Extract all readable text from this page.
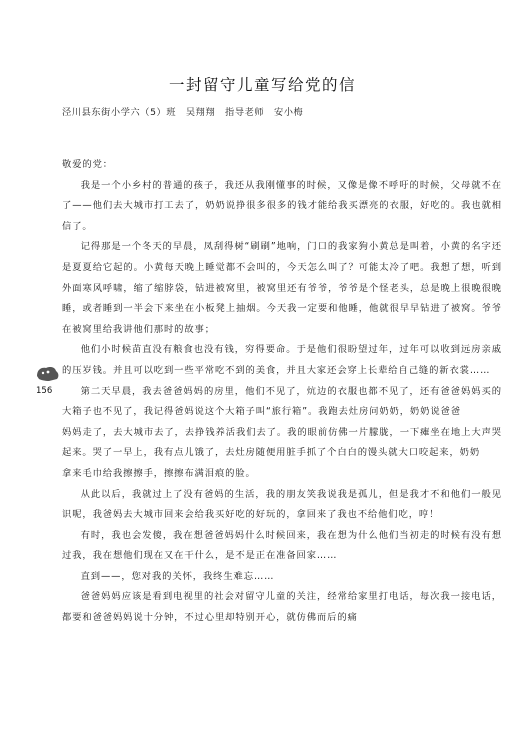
一封留守儿童写给党的信
泾川县东街小学六（5）班　吴翔翔　指导老师　安小梅

敬爱的党：

我是一个小乡村的普通的孩子，我还从我刚懂事的时候，又像是像不呼吁的时候，父母就不在了——他们去大城市打工去了，奶奶说挣很多很多的钱才能给我买漂亮的衣服，好吃的。我也就相信了。

记得那是一个冬天的早晨，凤刮得树“刷刷”地响，门口的我家狗小黄总是叫着，小黄的名字还是夏夏给它起的。小黄每天晚上睡觉都不会叫的，今天怎么叫了？可能太冷了吧。我想了想，听到外面寒风呼啸，缩了缩脖袋，钻进被窝里，被窝里还有爷爷，爷爷是个怪老头，总是晚上很晚很晚睡，或者睡到一半会下来坐在小板凳上抽烟。今天我一定要和他睡，他就很早早钻进了被窝。爷爷在被窝里给我讲他们那时的故事；

他们小时候苗直没有粮食也没有钱，穷得要命。于是他们很盼望过年，过年可以收到远房亲戚的压岁钱。并且可以吃到一些平常吃不到的美食，并且大家还会穿上长辈给自己缝的新衣裳……

第二天早晨，我去爸爸妈妈的房里，他们不见了，炕边的衣服也都不见了，还有爸爸妈妈买的大箱子也不见了，我记得爸妈说这个大箱子叫“旅行箱”。我跑去灶房问奶奶，奶奶说爸爸

妈妈走了，去大城市去了，去挣钱养活我们去了。我的眼前仿佛一片朦胧，一下瘫坐在地上大声哭起来。哭了一早上，我有点儿饿了，去灶房随便用脏手抓了个白白的馒头就大口咬起来，奶奶

拿来毛巾给我擦擦手，擦擦布满泪痕的脸。

从此以后，我就过上了没有爸妈的生活，我的朋友笑我说我是孤儿，但是我才不和他们一般见识呢，我爸妈去大城市回来会给我买好吃的好玩的，拿回来了我也不给他们吃，哼！

有时，我也会发傻，我在想爸爸妈妈什么时候回来，我在想为什么他们当初走的时候有没有想过我，我在想他们现在又在干什么，是不是正在准备回家……

直到——，您对我的关怀，我终生难忘……

爸爸妈妈应该是看到电视里的社会对留守儿童的关注，经常给家里打电话，每次我一接电话，都要和爸爸妈妈说十分钟，不过心里却特别开心，就仿佛而后的痛

156
